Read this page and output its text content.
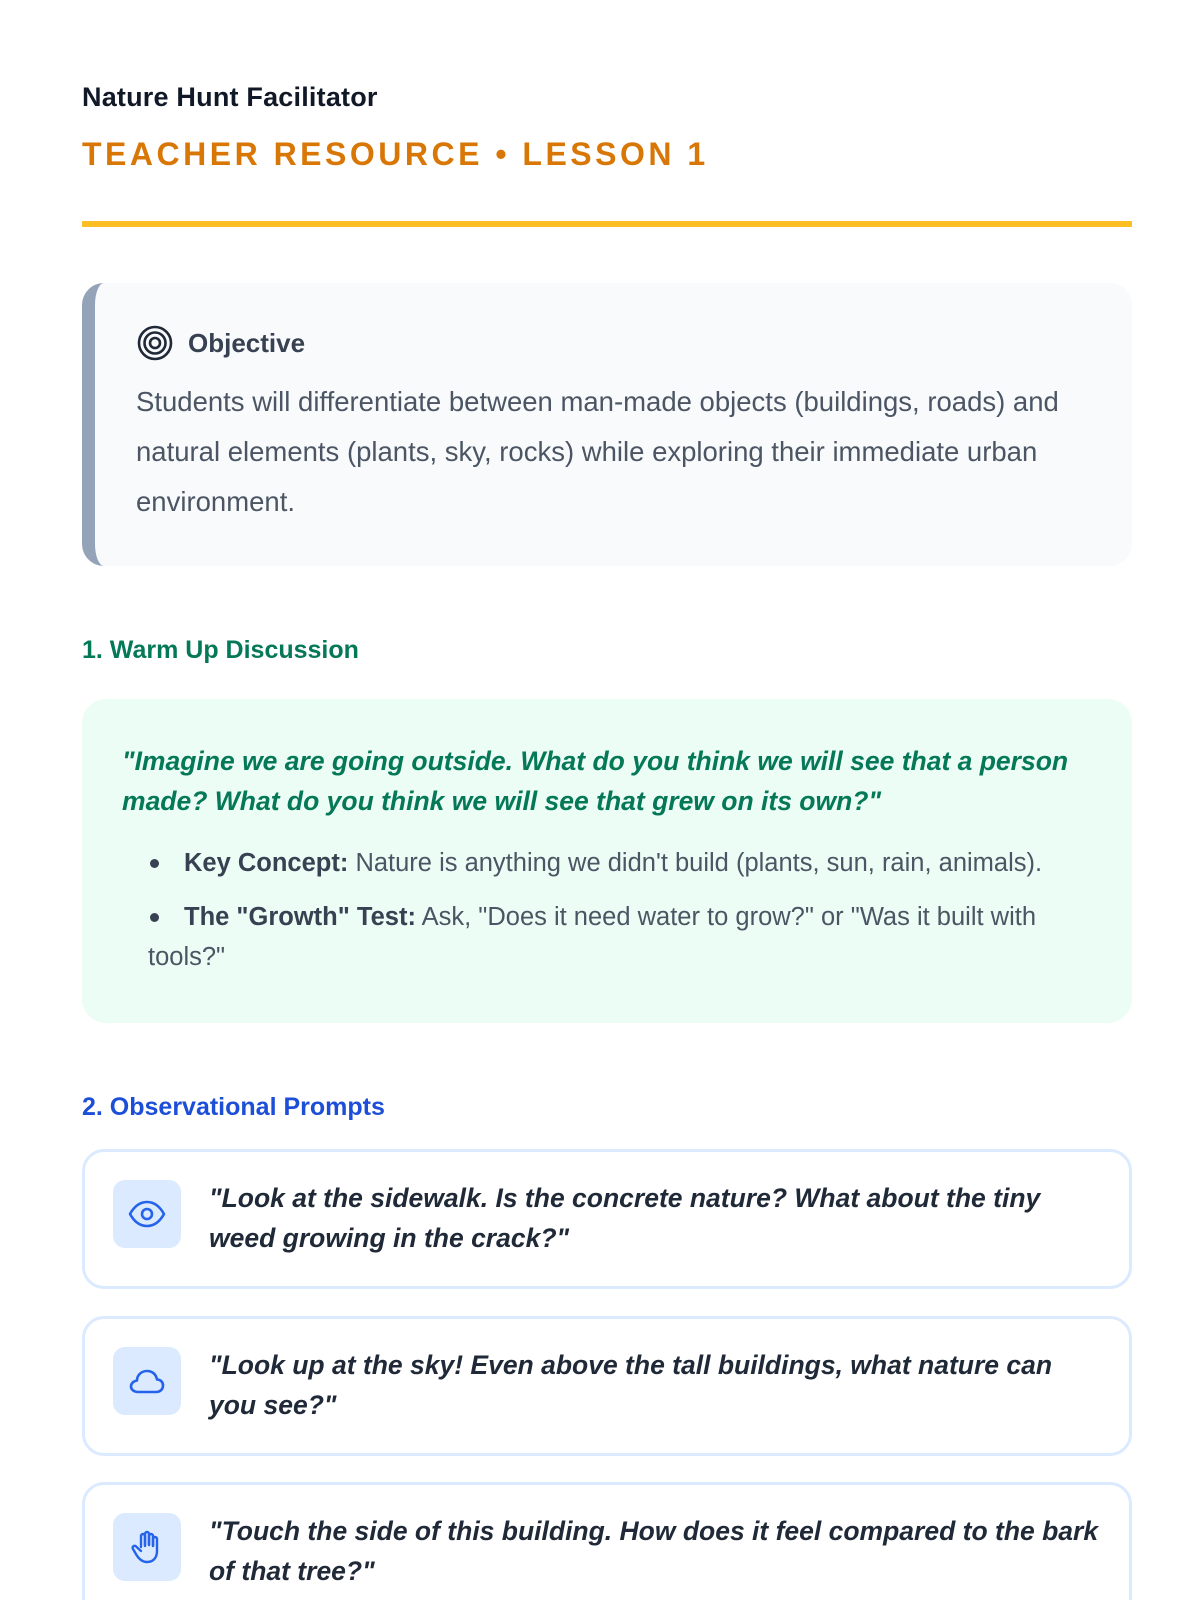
Nature Hunt Facilitator
TEACHER RESOURCE • LESSON 1
Objective
Students will differentiate between man-made objects (buildings, roads) and natural elements (plants, sky, rocks) while exploring their immediate urban environment.
1. Warm Up Discussion
"Imagine we are going outside. What do you think we will see that a person made? What do you think we will see that grew on its own?"
Key Concept: Nature is anything we didn't build (plants, sun, rain, animals).
The "Growth" Test: Ask, "Does it need water to grow?" or "Was it built with tools?"
2. Observational Prompts
"Look at the sidewalk. Is the concrete nature? What about the tiny weed growing in the crack?"
"Look up at the sky! Even above the tall buildings, what nature can you see?"
"Touch the side of this building. How does it feel compared to the bark of that tree?"
